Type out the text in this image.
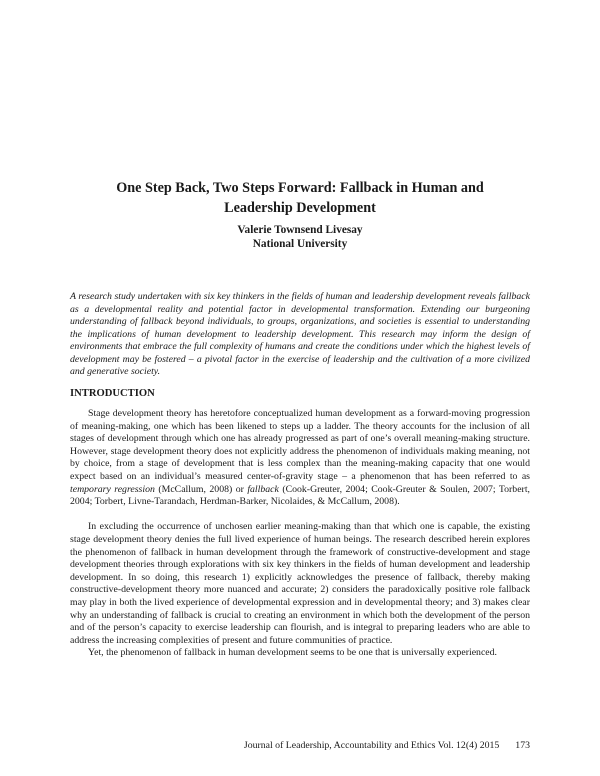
One Step Back, Two Steps Forward: Fallback in Human and
Leadership Development
Valerie Townsend Livesay
National University
A research study undertaken with six key thinkers in the fields of human and leadership development reveals fallback as a developmental reality and potential factor in developmental transformation. Extending our burgeoning understanding of fallback beyond individuals, to groups, organizations, and societies is essential to understanding the implications of human development to leadership development. This research may inform the design of environments that embrace the full complexity of humans and create the conditions under which the highest levels of development may be fostered – a pivotal factor in the exercise of leadership and the cultivation of a more civilized and generative society.
INTRODUCTION

Stage development theory has heretofore conceptualized human development as a forward-moving progression of meaning-making, one which has been likened to steps up a ladder. The theory accounts for the inclusion of all stages of development through which one has already progressed as part of one’s overall meaning-making structure. However, stage development theory does not explicitly address the phenomenon of individuals making meaning, not by choice, from a stage of development that is less complex than the meaning-making capacity that one would expect based on an individual’s measured center-of-gravity stage – a phenomenon that has been referred to as temporary regression (McCallum, 2008) or fallback (Cook-Greuter, 2004; Cook-Greuter & Soulen, 2007; Torbert, 2004; Torbert, Livne-Tarandach, Herdman-Barker, Nicolaides, & McCallum, 2008).

In excluding the occurrence of unchosen earlier meaning-making than that which one is capable, the existing stage development theory denies the full lived experience of human beings. The research described herein explores the phenomenon of fallback in human development through the framework of constructive-development and stage development theories through explorations with six key thinkers in the fields of human development and leadership development. In so doing, this research 1) explicitly acknowledges the presence of fallback, thereby making constructive-development theory more nuanced and accurate; 2) considers the paradoxically positive role fallback may play in both the lived experience of developmental expression and in developmental theory; and 3) makes clear why an understanding of fallback is crucial to creating an environment in which both the development of the person and of the person’s capacity to exercise leadership can flourish, and is integral to preparing leaders who are able to address the increasing complexities of present and future communities of practice.

Yet, the phenomenon of fallback in human development seems to be one that is universally experienced.

Journal of Leadership, Accountability and Ethics Vol. 12(4) 2015 173
